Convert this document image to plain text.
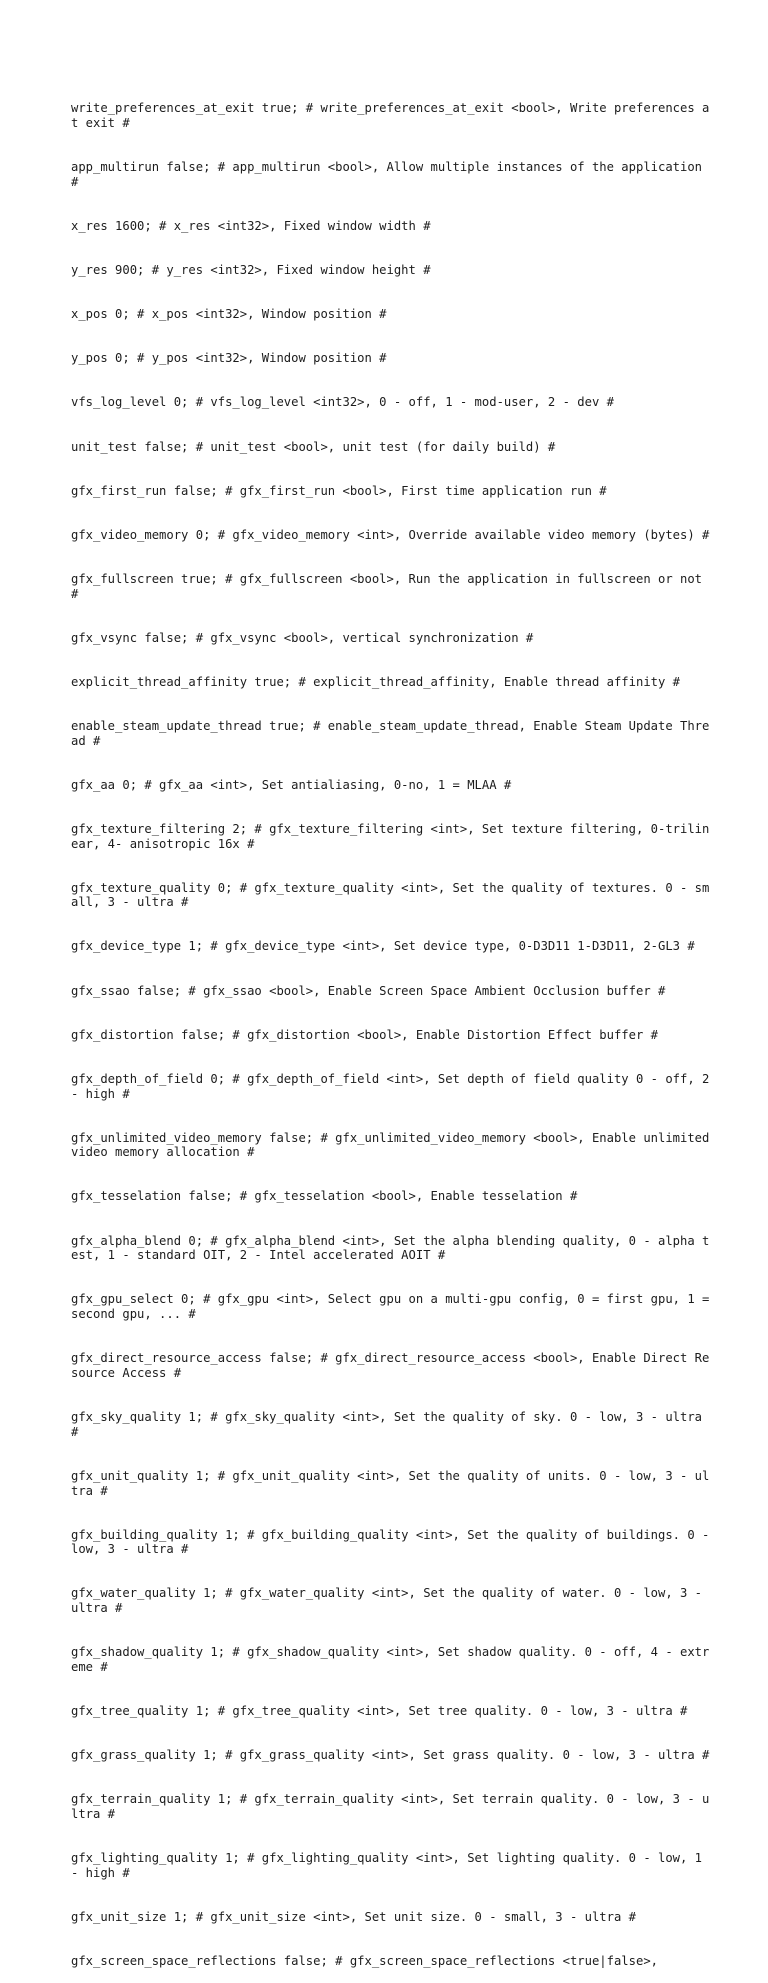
write_preferences_at_exit true; # write_preferences_at_exit <bool>, Write preferences at exit #

app_multirun false; # app_multirun <bool>, Allow multiple instances of the application #

x_res 1600; # x_res <int32>, Fixed window width #

y_res 900; # y_res <int32>, Fixed window height #

x_pos 0; # x_pos <int32>, Window position #

y_pos 0; # y_pos <int32>, Window position #

vfs_log_level 0; # vfs_log_level <int32>, 0 - off, 1 - mod-user, 2 - dev #

unit_test false; # unit_test <bool>, unit test (for daily build) #

gfx_first_run false; # gfx_first_run <bool>, First time application run #

gfx_video_memory 0; # gfx_video_memory <int>, Override available video memory (bytes) #

gfx_fullscreen true; # gfx_fullscreen <bool>, Run the application in fullscreen or not #

gfx_vsync false; # gfx_vsync <bool>, vertical synchronization #

explicit_thread_affinity true; # explicit_thread_affinity, Enable thread affinity #

enable_steam_update_thread true; # enable_steam_update_thread, Enable Steam Update Thread #

gfx_aa 0; # gfx_aa <int>, Set antialiasing, 0-no, 1 = MLAA #

gfx_texture_filtering 2; # gfx_texture_filtering <int>, Set texture filtering, 0-trilinear, 4- anisotropic 16x #

gfx_texture_quality 0; # gfx_texture_quality <int>, Set the quality of textures. 0 - small, 3 - ultra #

gfx_device_type 1; # gfx_device_type <int>, Set device type, 0-D3D11 1-D3D11, 2-GL3 #

gfx_ssao false; # gfx_ssao <bool>, Enable Screen Space Ambient Occlusion buffer #

gfx_distortion false; # gfx_distortion <bool>, Enable Distortion Effect buffer #

gfx_depth_of_field 0; # gfx_depth_of_field <int>, Set depth of field quality 0 - off, 2 - high #

gfx_unlimited_video_memory false; # gfx_unlimited_video_memory <bool>, Enable unlimited video memory allocation #

gfx_tesselation false; # gfx_tesselation <bool>, Enable tesselation #

gfx_alpha_blend 0; # gfx_alpha_blend <int>, Set the alpha blending quality, 0 - alpha test, 1 - standard OIT, 2 - Intel accelerated AOIT #

gfx_gpu_select 0; # gfx_gpu <int>, Select gpu on a multi-gpu config, 0 = first gpu, 1 = second gpu, ... #

gfx_direct_resource_access false; # gfx_direct_resource_access <bool>, Enable Direct Resource Access #

gfx_sky_quality 1; # gfx_sky_quality <int>, Set the quality of sky. 0 - low, 3 - ultra #

gfx_unit_quality 1; # gfx_unit_quality <int>, Set the quality of units. 0 - low, 3 - ultra #

gfx_building_quality 1; # gfx_building_quality <int>, Set the quality of buildings. 0 - low, 3 - ultra #

gfx_water_quality 1; # gfx_water_quality <int>, Set the quality of water. 0 - low, 3 - ultra #

gfx_shadow_quality 1; # gfx_shadow_quality <int>, Set shadow quality. 0 - off, 4 - extreme #

gfx_tree_quality 1; # gfx_tree_quality <int>, Set tree quality. 0 - low, 3 - ultra #

gfx_grass_quality 1; # gfx_grass_quality <int>, Set grass quality. 0 - low, 3 - ultra #

gfx_terrain_quality 1; # gfx_terrain_quality <int>, Set terrain quality. 0 - low, 3 - ultra #

gfx_lighting_quality 1; # gfx_lighting_quality <int>, Set lighting quality. 0 - low, 1 - high #

gfx_unit_size 1; # gfx_unit_size <int>, Set unit size. 0 - small, 3 - ultra #

gfx_screen_space_reflections false; # gfx_screen_space_reflections <true|false>,
